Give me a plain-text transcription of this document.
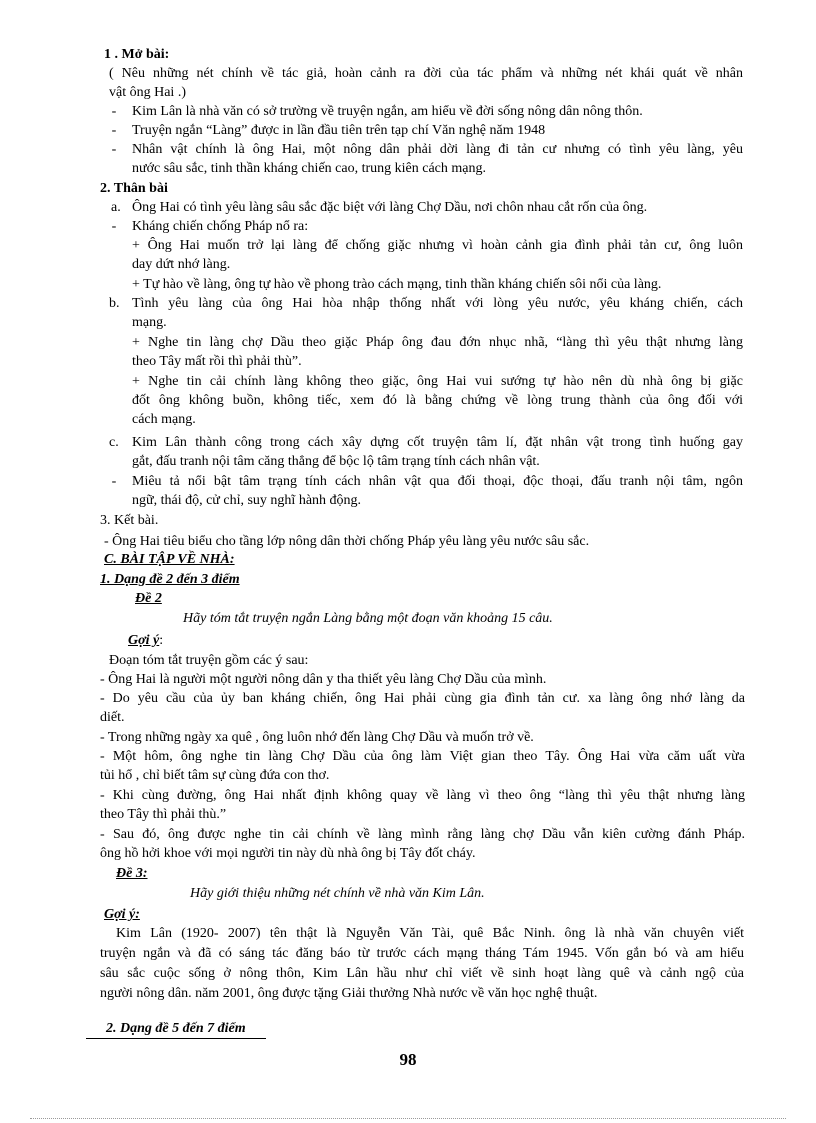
1 . Mở bài:
( Nêu những nét chính về tác giả, hoàn cảnh ra đời của tác phẩm và những nét khái quát về nhân
vật ông Hai .)
- Kim Lân là nhà văn có sở trường về truyện ngắn, am hiểu về đời sống nông dân nông thôn.
- Truyện ngắn “Làng” được in lần đầu tiên trên tạp chí Văn nghệ năm 1948
- Nhân vật chính là ông Hai, một nông dân phải dời làng đi tản cư nhưng có tình yêu làng, yêu
nước sâu sắc, tinh thần kháng chiến cao, trung kiên cách mạng.
2. Thân bài
a. Ông Hai có tình yêu làng sâu sắc đặc biệt với làng Chợ Dầu, nơi chôn nhau cắt rốn của ông.
- Kháng chiến chống Pháp nổ ra:
+ Ông Hai muốn trở lại làng để chống giặc nhưng vì hoàn cảnh gia đình phải tản cư, ông luôn
day dứt nhớ làng.
+ Tự hào về làng, ông tự hào về phong trào cách mạng, tinh thần kháng chiến sôi nổi của làng.
b. Tình yêu làng của ông Hai hòa nhập thống nhất với lòng yêu nước, yêu kháng chiến, cách
mạng.
+ Nghe tin làng chợ Dầu theo giặc Pháp ông đau đớn nhục nhã, “làng thì yêu thật nhưng làng
theo Tây mất rồi thì phải thù”.
+ Nghe tin cải chính làng không theo giặc, ông Hai vui sướng tự hào nên dù nhà ông bị giặc
đốt ông không buồn, không tiếc, xem đó là bằng chứng về lòng trung thành của ông đối với
cách mạng.
c. Kim Lân thành công trong cách xây dựng cốt truyện tâm lí, đặt nhân vật trong tình huống gay
gắt, đấu tranh nội tâm căng thẳng để bộc lộ tâm trạng tính cách nhân vật.
- Miêu tả nổi bật tâm trạng tính cách nhân vật qua đối thoại, độc thoại, đấu tranh nội tâm, ngôn
ngữ, thái độ, cử chỉ, suy nghĩ hành động.
3. Kết bài.
- Ông Hai tiêu biểu cho tầng lớp nông dân thời chống Pháp yêu làng yêu nước sâu sắc.
C. BÀI TẬP VỀ NHÀ:
1. Dạng đề 2 đến 3 điểm
Đề 2
Hãy tóm tắt truyện ngắn Làng bằng một đoạn văn khoảng 15 câu.
Gợi ý:
Đoạn tóm tắt truyện gồm các ý sau:
- Ông Hai là người một người nông dân y tha thiết yêu làng Chợ Dầu của mình.
- Do yêu cầu của ủy ban kháng chiến, ông Hai phải cùng gia đình tản cư. xa làng ông nhớ làng da
diết.
- Trong những ngày xa quê , ông luôn nhớ đến làng Chợ Dầu và muốn trở về.
- Một hôm, ông nghe tin làng Chợ Dầu của ông làm Việt gian theo Tây. Ông Hai vừa căm uất vừa
tủi hổ , chỉ biết tâm sự cùng đứa con thơ.
- Khi cùng đường, ông Hai nhất định không quay về làng vì theo ông “làng thì yêu thật nhưng làng
theo Tây thì phải thù.”
- Sau đó, ông được nghe tin cải chính về làng mình rằng làng chợ Dầu vẫn kiên cường đánh Pháp.
ông hồ hởi khoe với mọi người tin này dù nhà ông bị Tây đốt cháy.
Đề 3:
Hãy giới thiệu những nét chính về nhà văn Kim Lân.
Gợi ý:
Kim Lân (1920- 2007) tên thật là Nguyễn Văn Tài, quê Bắc Ninh. ông là nhà văn chuyên viết
truyện ngắn và đã có sáng tác đăng báo từ trước cách mạng tháng Tám 1945. Vốn gắn bó và am hiểu
sâu sắc cuộc sống ở nông thôn, Kim Lân hầu như chỉ viết về sinh hoạt làng quê và cảnh ngộ của
người nông dân. năm 2001, ông được tặng Giải thưởng Nhà nước về văn học nghệ thuật.
2. Dạng đề 5 đến 7 điểm
98
